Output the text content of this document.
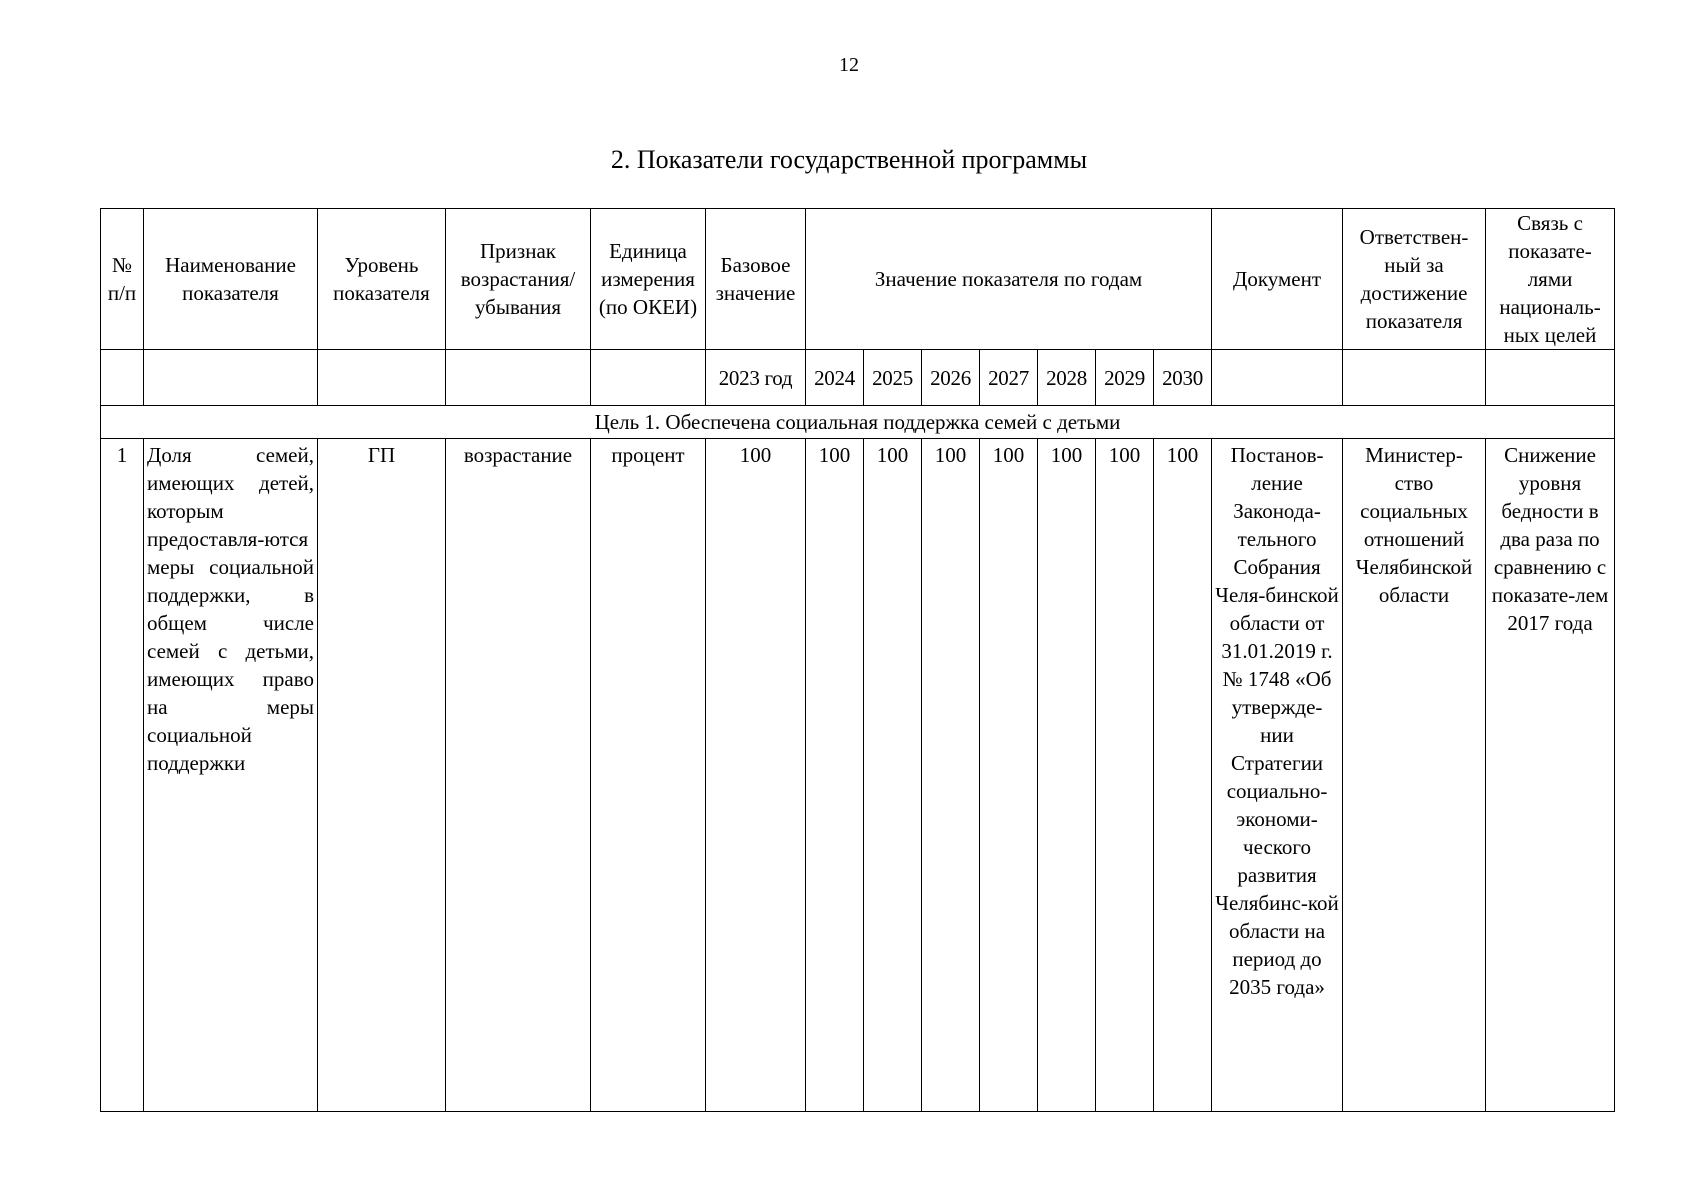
12
2. Показатели государственной программы
№ п/п	Наименование показателя	Уровень показателя	Признак возрастания/ убывания	Единица измерения (по ОКЕИ)	Базовое значение	Значение показателя по годам							Документ	Ответствен-ный за достижение показателя	Связь с показате-лями националь-ных целей
					2023 год	2024	2025	2026	2027	2028	2029	2030			
Цель 1. Обеспечена социальная поддержка семей с детьми															
1	Доля семей, имеющих детей, которым предоставля-ются меры социальной поддержки, в общем числе семей с детьми, имеющих право на меры социальной поддержки	ГП	возрастание	процент	100	100	100	100	100	100	100	100	Постанов-ление Законода-тельного Собрания Челя-бинской области от 31.01.2019 г. № 1748 «Об утвержде-нии Стратегии социально-экономи-ческого развития Челябинс-кой области на период до 2035 года»	Министер-ство социальных отношений Челябинской области	Снижение уровня бедности в два раза по сравнению с показате-лем 2017 года
